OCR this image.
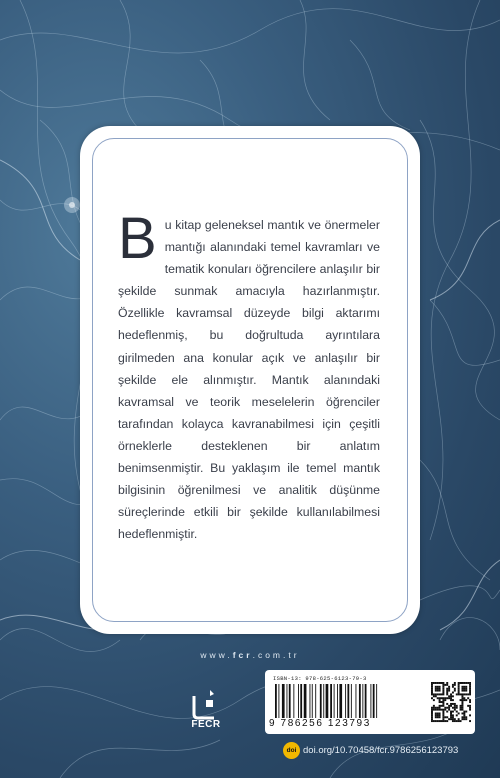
Bu kitap geleneksel mantık ve önermeler mantığı alanındaki temel kavramları ve tematik konuları öğrencilere anlaşılır bir şekilde sunmak amacıyla hazırlanmıştır. Özellikle kavramsal düzeyde bilgi aktarımı hedeflenmiş, bu doğrultuda ayrıntılara girilmeden ana konular açık ve anlaşılır bir şekilde ele alınmıştır. Mantık alanındaki kavramsal ve teorik meselelerin öğrenciler tarafından kolayca kavranabilmesi için çeşitli örneklerle desteklenen bir anlatım benimsenmiştir. Bu yaklaşım ile temel mantık bilgisinin öğrenilmesi ve analitik düşünme süreçlerinde etkili bir şekilde kullanılabilmesi hedeflenmiştir.

www.fcr.com.tr
FECR
ISBN-13: 978-625-6123-79-3
9 786256 123793
doi doi.org/10.70458/fcr.9786256123793
